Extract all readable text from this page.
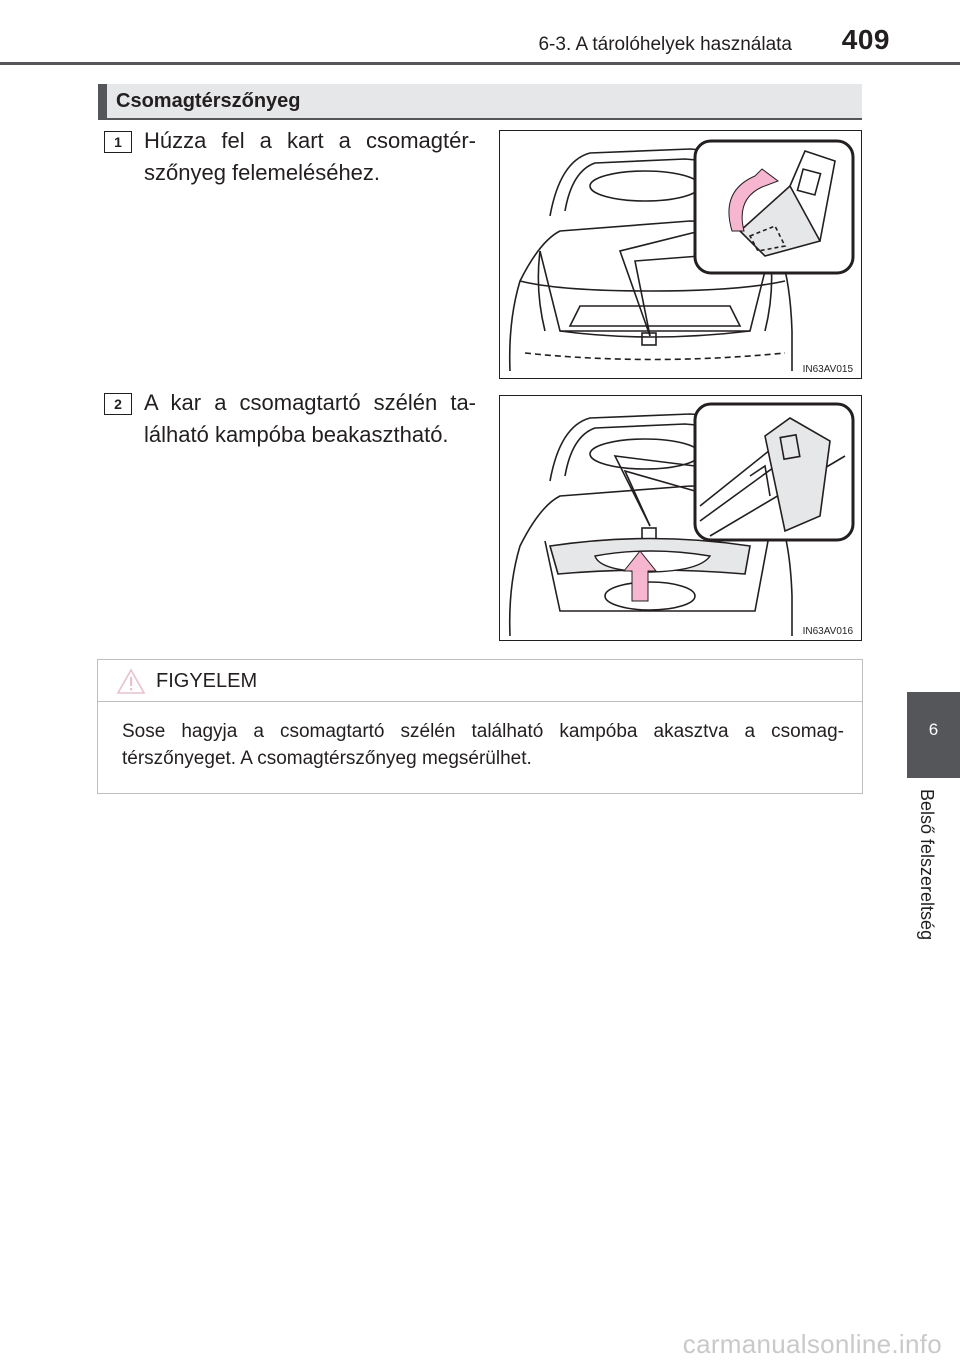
6-3. A tárolóhelyek használata 409
6
Belső felszereltség
Csomagtérszőnyeg
1	Húzza fel a kart a csomagtér-szőnyeg felemeléséhez.
IN63AV015
2	A kar a csomagtartó szélén ta-lálható kampóba beakasztható.
IN63AV016
FIGYELEM
Sose hagyja a csomagtartó szélén található kampóba akasztva a csomag-térszőnyeget. A csomagtérszőnyeg megsérülhet.
carmanualsonline.info
